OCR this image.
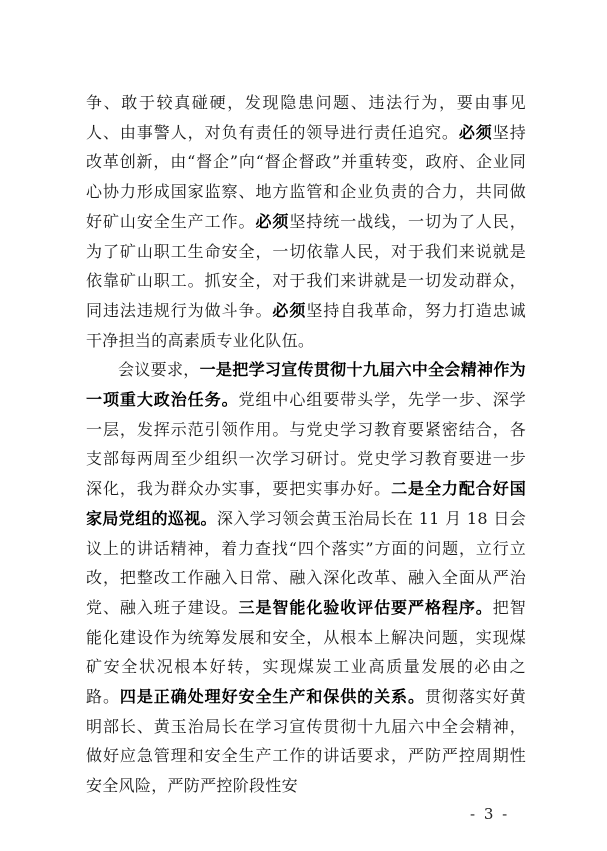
争、敢于较真碰硬，发现隐患问题、违法行为，要由事见人、由事警人，对负有责任的领导进行责任追究。必须坚持改革创新，由“督企”向“督企督政”并重转变，政府、企业同心协力形成国家监察、地方监管和企业负责的合力，共同做好矿山安全生产工作。必须坚持统一战线，一切为了人民，为了矿山职工生命安全，一切依靠人民，对于我们来说就是依靠矿山职工。抓安全，对于我们来讲就是一切发动群众，同违法违规行为做斗争。必须坚持自我革命，努力打造忠诚干净担当的高素质专业化队伍。

会议要求，一是把学习宣传贯彻十九届六中全会精神作为一项重大政治任务。党组中心组要带头学，先学一步、深学一层，发挥示范引领作用。与党史学习教育要紧密结合，各支部每两周至少组织一次学习研讨。党史学习教育要进一步深化，我为群众办实事，要把实事办好。二是全力配合好国家局党组的巡视。深入学习领会黄玉治局长在 11 月 18 日会议上的讲话精神，着力查找“四个落实”方面的问题，立行立改，把整改工作融入日常、融入深化改革、融入全面从严治党、融入班子建设。三是智能化验收评估要严格程序。把智能化建设作为统筹发展和安全，从根本上解决问题，实现煤矿安全状况根本好转，实现煤炭工业高质量发展的必由之路。四是正确处理好安全生产和保供的关系。贯彻落实好黄明部长、黄玉治局长在学习宣传贯彻十九届六中全会精神，做好应急管理和安全生产工作的讲话要求，严防严控周期性安全风险，严防严控阶段性安

- 3 -
